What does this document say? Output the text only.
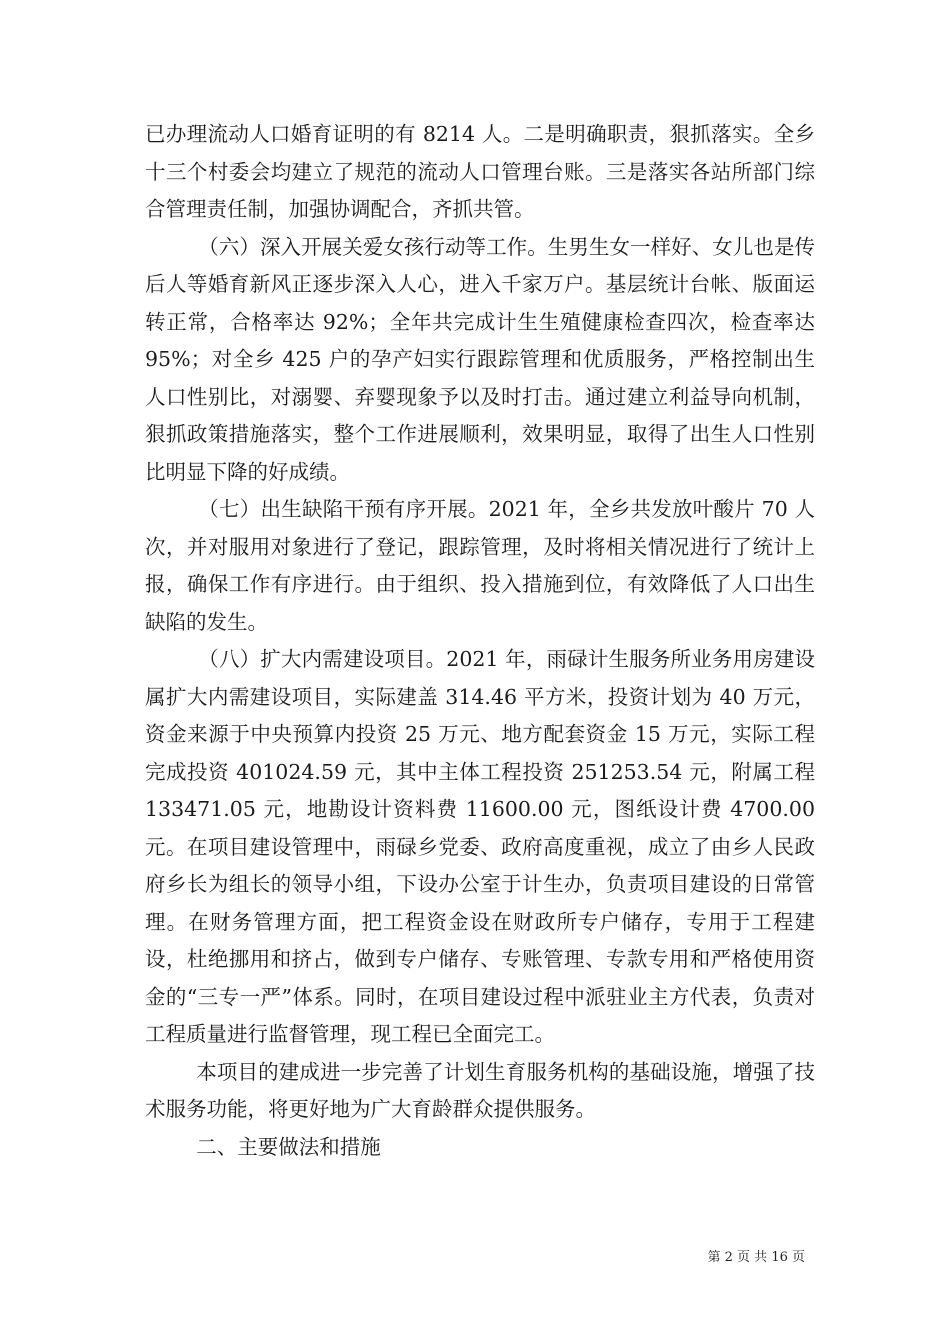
已办理流动人口婚育证明的有 8214 人。二是明确职责，狠抓落实。全乡十三个村委会均建立了规范的流动人口管理台账。三是落实各站所部门综合管理责任制，加强协调配合，齐抓共管。

（六）深入开展关爱女孩行动等工作。生男生女一样好、女儿也是传后人等婚育新风正逐步深入人心，进入千家万户。基层统计台帐、版面运转正常，合格率达 92%；全年共完成计生生殖健康检查四次，检查率达 95%；对全乡 425 户的孕产妇实行跟踪管理和优质服务，严格控制出生人口性别比，对溺婴、弃婴现象予以及时打击。通过建立利益导向机制，狠抓政策措施落实，整个工作进展顺利，效果明显，取得了出生人口性别比明显下降的好成绩。

（七）出生缺陷干预有序开展。2021 年，全乡共发放叶酸片 70 人次，并对服用对象进行了登记，跟踪管理，及时将相关情况进行了统计上报，确保工作有序进行。由于组织、投入措施到位，有效降低了人口出生缺陷的发生。

（八）扩大内需建设项目。2021 年，雨碌计生服务所业务用房建设属扩大内需建设项目，实际建盖 314.46 平方米，投资计划为 40 万元，资金来源于中央预算内投资 25 万元、地方配套资金 15 万元，实际工程完成投资 401024.59 元，其中主体工程投资 251253.54 元，附属工程 133471.05 元，地勘设计资料费 11600.00 元，图纸设计费 4700.00 元。在项目建设管理中，雨碌乡党委、政府高度重视，成立了由乡人民政府乡长为组长的领导小组，下设办公室于计生办，负责项目建设的日常管理。在财务管理方面，把工程资金设在财政所专户储存，专用于工程建设，杜绝挪用和挤占，做到专户储存、专账管理、专款专用和严格使用资金的“三专一严”体系。同时，在项目建设过程中派驻业主方代表，负责对工程质量进行监督管理，现工程已全面完工。

本项目的建成进一步完善了计划生育服务机构的基础设施，增强了技术服务功能，将更好地为广大育龄群众提供服务。

二、主要做法和措施

第 2 页 共 16 页
